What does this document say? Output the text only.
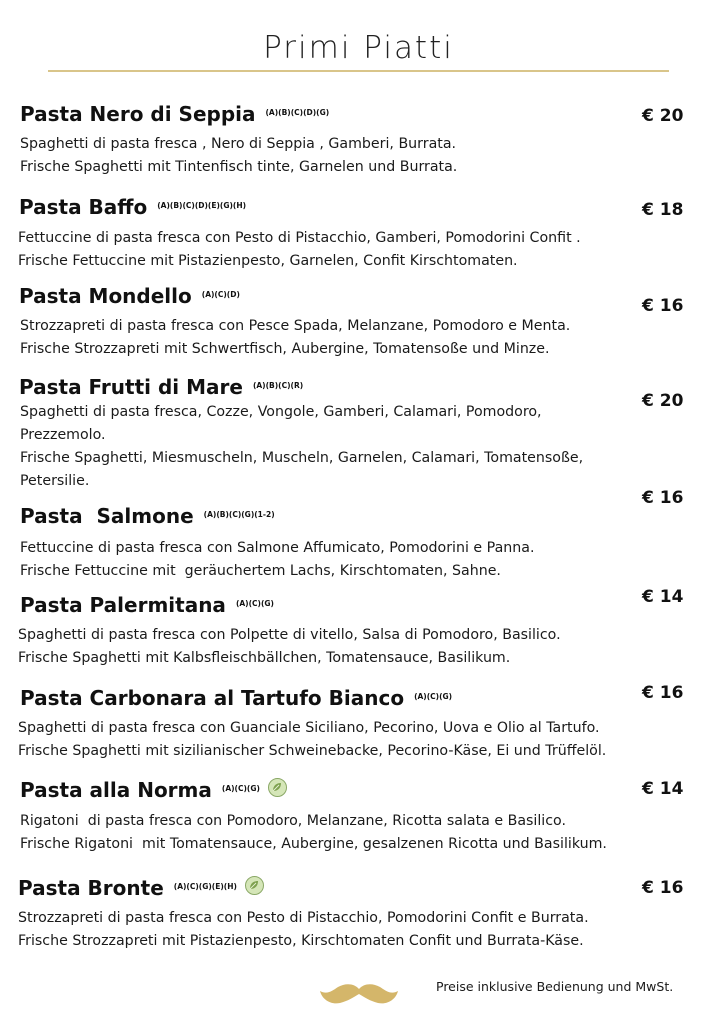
Primi Piatti
Pasta Nero di Seppia $^{(A)(B)(C)(D)(G)}$	€ 20
Spaghetti di pasta fresca , Nero di Seppia , Gamberi, Burrata.
Frische Spaghetti mit Tintenfisch tinte, Garnelen und Burrata.
Pasta Baffo $^{(A)(B)(C)(D)(E)(G)(H)}$	€ 18
Fettuccine di pasta fresca con Pesto di Pistacchio, Gamberi, Pomodorini Confit .
Frische Fettuccine mit Pistazienpesto, Garnelen, Confit Kirschtomaten.
Pasta Mondello $^{(A)(C)(D)}$
€ 16
Strozzapreti di pasta fresca con Pesce Spada, Melanzane, Pomodoro e Menta.
Frische Strozzapreti mit Schwertfisch, Aubergine, Tomatensoße und Minze.
Pasta Frutti di Mare $^{(A)(B)(C)(R)}$
€ 20
Spaghetti di pasta fresca, Cozze, Vongole, Gamberi, Calamari, Pomodoro,
Prezzemolo.
Frische Spaghetti, Miesmuscheln, Muscheln, Garnelen, Calamari, Tomatensoße,
Petersilie.
Pasta  Salmone $^{(A)(B)(C)(G)(1-2)}$
€ 16
Fettuccine di pasta fresca con Salmone Affumicato, Pomodorini e Panna.
Frische Fettuccine mit  geräuchertem Lachs, Kirschtomaten, Sahne.
Pasta Palermitana $^{(A)(C)(G)}$	€ 14
Spaghetti di pasta fresca con Polpette di vitello, Salsa di Pomodoro, Basilico.
Frische Spaghetti mit Kalbsfleischbällchen, Tomatensauce, Basilikum.
Pasta Carbonara al Tartufo Bianco $^{(A)(C)(G)}$	€ 16
Spaghetti di pasta fresca con Guanciale Siciliano, Pecorino, Uova e Olio al Tartufo.
Frische Spaghetti mit sizilianischer Schweinebacke, Pecorino-Käse, Ei und Trüffelöl.
Pasta alla Norma $^{(A)(C)(G)}$	€ 14
Rigatoni  di pasta fresca con Pomodoro, Melanzane, Ricotta salata e Basilico.
Frische Rigatoni  mit Tomatensauce, Aubergine, gesalzenen Ricotta und Basilikum.
Pasta Bronte $^{(A)(C)(G)(E)(H)}$	€ 16
Strozzapreti di pasta fresca con Pesto di Pistacchio, Pomodorini Confit e Burrata.
Frische Strozzapreti mit Pistazienpesto, Kirschtomaten Confit und Burrata-Käse.
Preise inklusive Bedienung und MwSt.
